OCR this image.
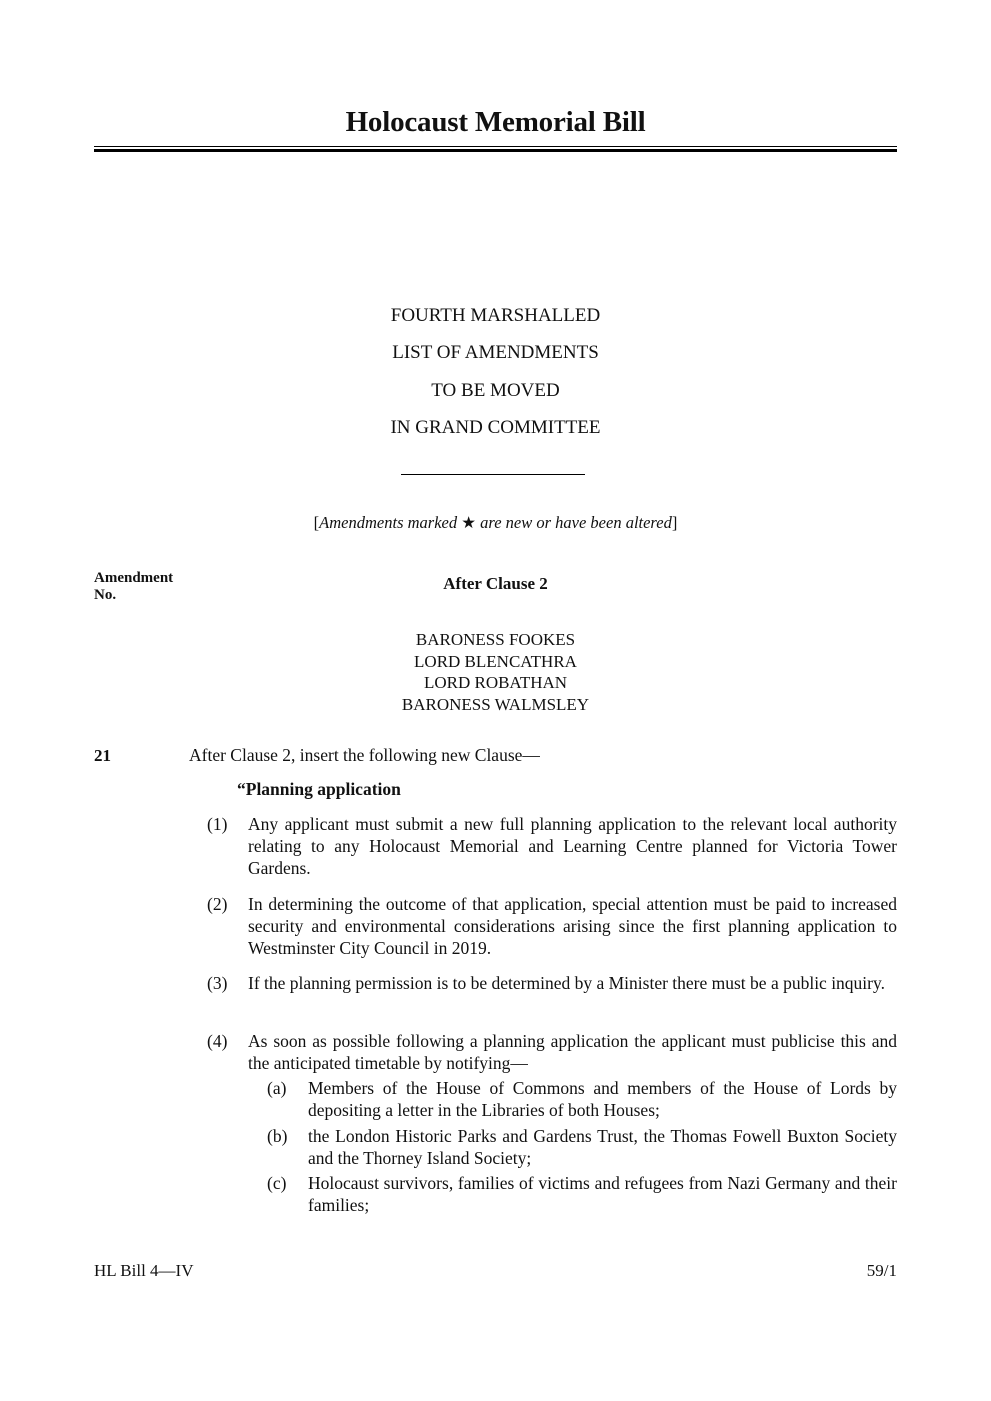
Holocaust Memorial Bill
FOURTH MARSHALLED
LIST OF AMENDMENTS
TO BE MOVED
IN GRAND COMMITTEE
[Amendments marked ★ are new or have been altered]
Amendment
No.
After Clause 2
BARONESS FOOKES
LORD BLENCATHRA
LORD ROBATHAN
BARONESS WALMSLEY
21	After Clause 2, insert the following new Clause—
“Planning application
(1)	Any applicant must submit a new full planning application to the relevant local authority relating to any Holocaust Memorial and Learning Centre planned for Victoria Tower Gardens.
(2)	In determining the outcome of that application, special attention must be paid to increased security and environmental considerations arising since the first planning application to Westminster City Council in 2019.
(3)	If the planning permission is to be determined by a Minister there must be a public inquiry.
(4)	As soon as possible following a planning application the applicant must publicise this and the anticipated timetable by notifying—
(a)	Members of the House of Commons and members of the House of Lords by depositing a letter in the Libraries of both Houses;
(b)	the London Historic Parks and Gardens Trust, the Thomas Fowell Buxton Society and the Thorney Island Society;
(c)	Holocaust survivors, families of victims and refugees from Nazi Germany and their families;
HL Bill 4—IV	59/1
